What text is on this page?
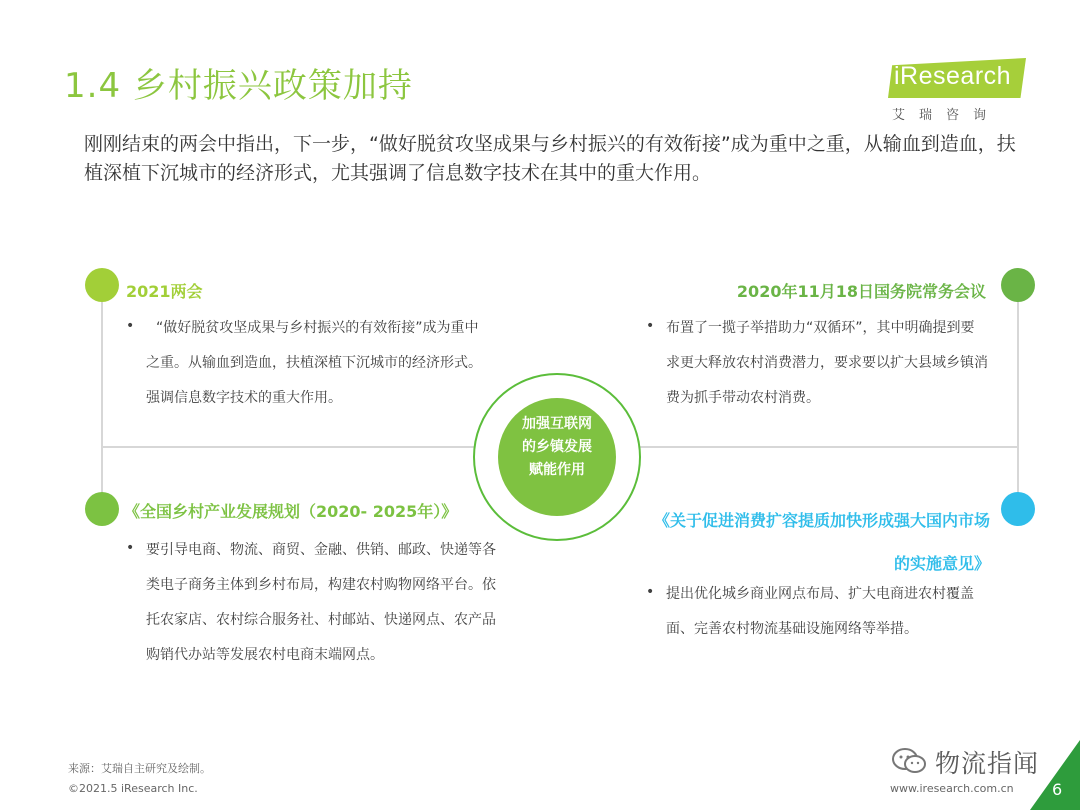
1.4 乡村振兴政策加持	iResearch
艾瑞咨询
刚刚结束的两会中指出，下一步，“做好脱贫攻坚成果与乡村振兴的有效衔接”成为重中之重，从输血到造血，扶植深植下沉城市的经济形式，尤其强调了信息数字技术在其中的重大作用。
2021两会
•	“做好脱贫攻坚成果与乡村振兴的有效衔接”成为重中之重。从输血到造血，扶植深植下沉城市的经济形式。强调信息数字技术的重大作用。
2020年11月18日国务院常务会议
• 布置了一揽子举措助力“双循环”，其中明确提到要求更大释放农村消费潜力，要求要以扩大县域乡镇消费为抓手带动农村消费。
《全国乡村产业发展规划（2020- 2025年）》
• 要引导电商、物流、商贸、金融、供销、邮政、快递等各类电子商务主体到乡村布局，构建农村购物网络平台。依托农家店、农村综合服务社、村邮站、快递网点、农产品购销代办站等发展农村电商末端网点。
《关于促进消费扩容提质加快形成强大国内市场的实施意见》
• 提出优化城乡商业网点布局、扩大电商进农村覆盖面、完善农村物流基础设施网络等举措。
加强互联网
的乡镇发展
赋能作用
来源：艾瑞自主研究及绘制。
©2021.5 iResearch Inc.	www.iresearch.com.cn
物流指闻
6
